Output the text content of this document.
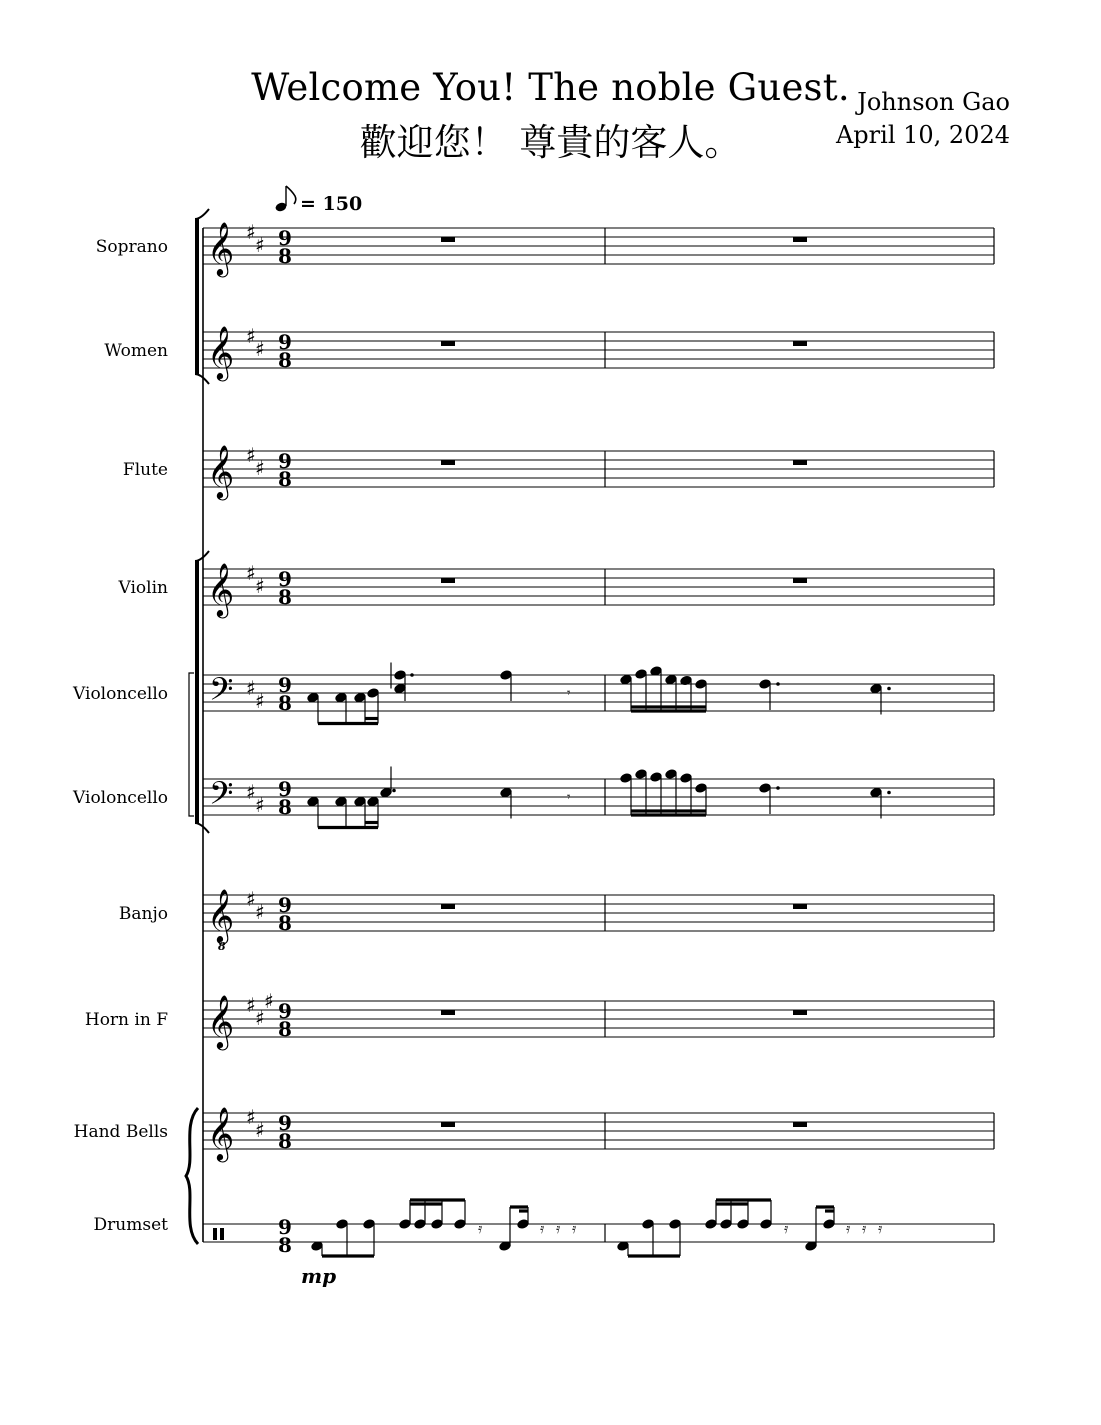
Welcome You! The noble Guest.
歡迎您！ 尊貴的客人。
Johnson Gao
April 10, 2024
= 150
Soprano 𝄞 ♯
♯ 9
8
Women 𝄞 ♯
♯ 9
8
Flute 𝄞 ♯
♯ 9
8
Violin 𝄞 ♯
♯ 9
8
Violoncello 𝄢 ♯
♯
9
8
Violoncello 𝄢 ♯
♯
9
8
Banjo 𝄞
8
♯
♯ 9
8
Horn in F 𝄞 ♯
♯
♯ 9
8
Hand Bells 𝄞 ♯
♯ 9
8
Drumset	9
8
𝄾
𝄾
𝄿	𝄿 𝄿 𝄿	𝄿	𝄿 𝄿 𝄿
mp
